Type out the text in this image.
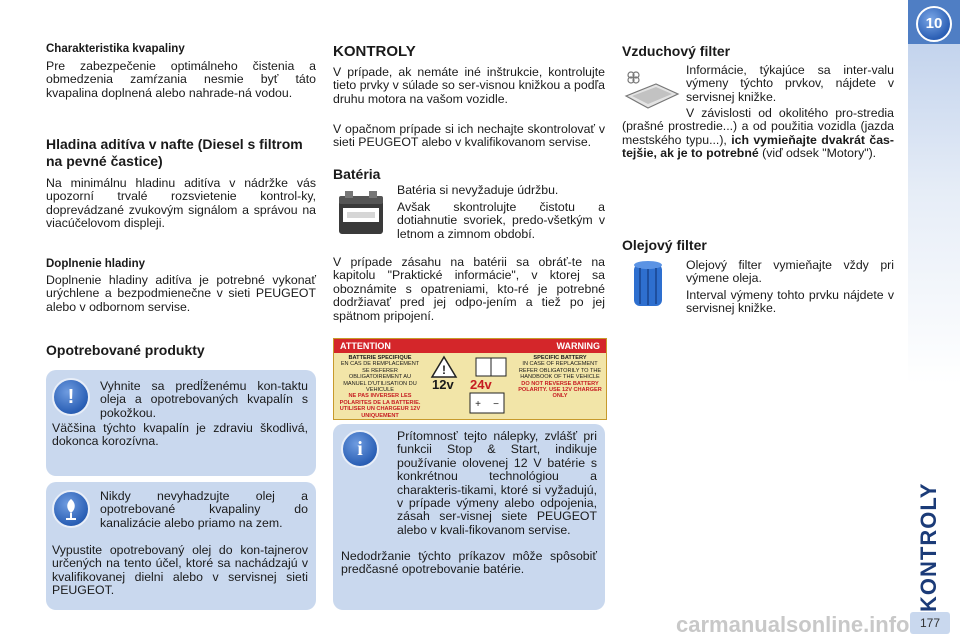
Charakteristika kvapaliny

Pre zabezpečenie optimálneho čistenia a obmedzenia zamŕzania nesmie byť táto kvapalina doplnená alebo nahrade-ná vodou.

Hladina aditíva v nafte (Diesel s filtrom na pevné častice)

Na minimálnu hladinu aditíva v nádržke vás upozorní trvalé rozsvietenie kontrol-ky, doprevádzané zvukovým signálom a správou na viacúčelovom displeji.

Doplnenie hladiny

Doplnenie hladiny aditíva je potrebné vykonať urýchlene a bezpodmienečne v sieti PEUGEOT alebo v odbornom servise.

Opotrebované produkty
!	Vyhnite sa predĺženému kon-taktu oleja a opotrebovaných kvapalín s pokožkou.

Väčšina týchto kvapalín je zdraviu škodlivá, dokonca korozívna.

Nikdy nevyhadzujte olej a opotrebované kvapaliny do kanalizácie alebo priamo na zem.

Vypustite opotrebovaný olej do kon-tajnerov určených na tento účel, ktoré sa nachádzajú v kvalifikovanej dielni alebo v servisnej sieti PEUGEOT.

KONTROLY

V prípade, ak nemáte iné inštrukcie, kontrolujte tieto prvky v súlade so ser-visnou knižkou a podľa druhu motora na vašom vozidle.

V opačnom prípade si ich nechajte skontrolovať v sieti PEUGEOT alebo v kvalifikovanom servise.

Batéria

Batéria si nevyžaduje údržbu.

Avšak skontrolujte čistotu a dotiahnutie svoriek, predo-všetkým v letnom a zimnom období.

V prípade zásahu na batérii sa obráť-te na kapitolu "Praktické informácie", v ktorej sa oboznámite s opatreniami, kto-ré je potrebné dodržiavať pred jej odpo-jením a tiež po jej spätnom pripojení.

ATTENTION	WARNING
BATTERIE SPECIFIQUE
EN CAS DE REMPLACEMENT SE REFERER OBLIGATOIREMENT AU MANUEL D'UTILISATION DU VEHICULE
NE PAS INVERSER LES POLARITES DE LA BATTERIE. UTILISER UN CHARGEUR 12V UNIQUEMENT
!
+ −
12v 24v
SPECIFIC BATTERY
IN CASE OF REPLACEMENT REFER OBLIGATORILY TO THE HANDBOOK OF THE VEHICLE
DO NOT REVERSE BATTERY POLARITY. USE 12V CHARGER ONLY
i

Prítomnosť tejto nálepky, zvlášť pri funkcii Stop & Start, indikuje používanie olovenej 12 V batérie s konkrétnou technológiou a charakteris-tikami, ktoré si vyžadujú, v prípade výmeny alebo odpojenia, zásah ser-visnej siete PEUGEOT alebo v kvali-fikovanom servise.

Nedodržanie týchto príkazov môže spôsobiť predčasné opotrebovanie batérie.

Vzduchový filter

Informácie, týkajúce sa inter-valu výmeny týchto prvkov, nájdete v servisnej knižke.

V závislosti od okolitého pro-stredia (prašné prostredie...) a od použitia vozidla (jazda mestského typu...), ich vymieňajte dvakrát čas-tejšie, ak je to potrebné (viď odsek "Motory").

Olejový filter

Olejový filter vymieňajte vždy pri výmene oleja.

Interval výmeny tohto prvku nájdete v servisnej knižke.

10
KONTROLY
177
carmanualsonline.info
